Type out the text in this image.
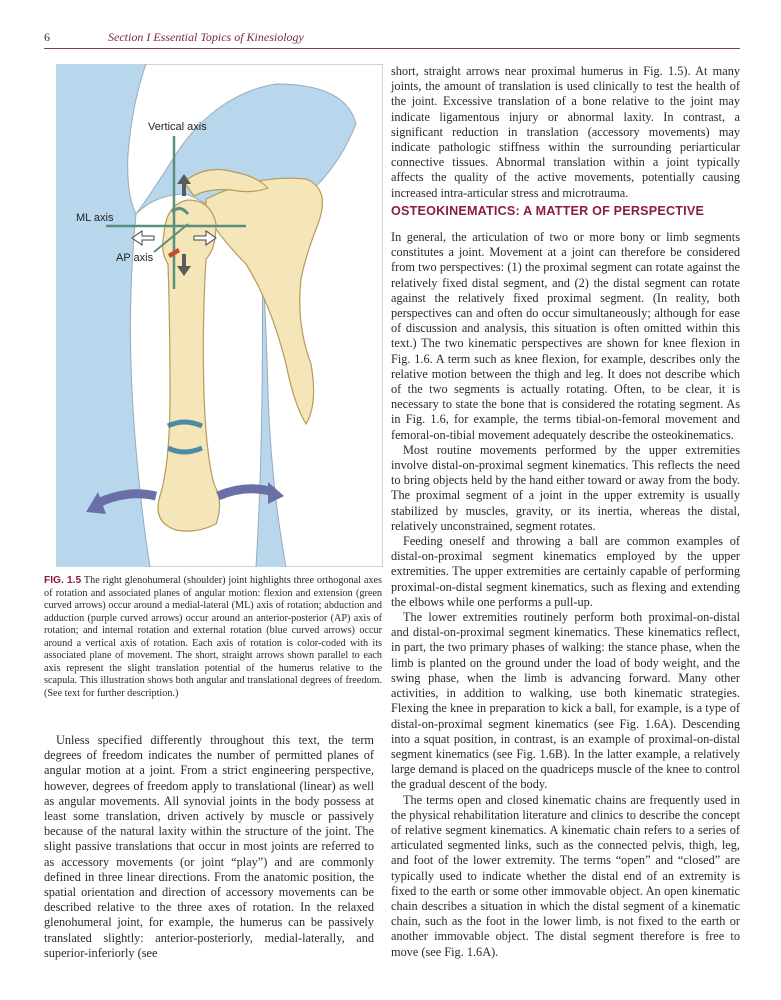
6	Section I Essential Topics of Kinesiology
Vertical axis
ML axis
AP axis
FIG. 1.5 The right glenohumeral (shoulder) joint highlights three orthogonal axes of rotation and associated planes of angular motion: flexion and extension (green curved arrows) occur around a medial-lateral (ML) axis of rotation; abduction and adduction (purple curved arrows) occur around an anterior-posterior (AP) axis of rotation; and internal rotation and external rotation (blue curved arrows) occur around a vertical axis of rotation. Each axis of rotation is color-coded with its associated plane of movement. The short, straight arrows shown parallel to each axis represent the slight translation potential of the humerus relative to the scapula. This illustration shows both angular and translational degrees of freedom. (See text for further description.)

Unless specified differently throughout this text, the term degrees of freedom indicates the number of permitted planes of angular motion at a joint. From a strict engineering perspective, however, degrees of freedom apply to translational (linear) as well as angular movements. All synovial joints in the body possess at least some translation, driven actively by muscle or passively because of the natural laxity within the structure of the joint. The slight passive translations that occur in most joints are referred to as accessory movements (or joint “play”) and are commonly defined in three linear directions. From the anatomic position, the spatial orientation and direction of accessory movements can be described relative to the three axes of rotation. In the relaxed glenohumeral joint, for example, the humerus can be passively translated slightly: anterior-posteriorly, medial-laterally, and superior-inferiorly (see

short, straight arrows near proximal humerus in Fig. 1.5). At many joints, the amount of translation is used clinically to test the health of the joint. Excessive translation of a bone relative to the joint may indicate ligamentous injury or abnormal laxity. In contrast, a significant reduction in translation (accessory movements) may indicate pathologic stiffness within the surrounding periarticular connective tissues. Abnormal translation within a joint typically affects the quality of the active movements, potentially causing increased intra-articular stress and microtrauma.

OSTEOKINEMATICS: A MATTER OF PERSPECTIVE

In general, the articulation of two or more bony or limb segments constitutes a joint. Movement at a joint can therefore be considered from two perspectives: (1) the proximal segment can rotate against the relatively fixed distal segment, and (2) the distal segment can rotate against the relatively fixed proximal segment. (In reality, both perspectives can and often do occur simultaneously; although for ease of discussion and analysis, this situation is often omitted within this text.) The two kinematic perspectives are shown for knee flexion in Fig. 1.6. A term such as knee flexion, for example, describes only the relative motion between the thigh and leg. It does not describe which of the two segments is actually rotating. Often, to be clear, it is necessary to state the bone that is considered the rotating segment. As in Fig. 1.6, for example, the terms tibial-on-femoral movement and femoral-on-tibial movement adequately describe the osteokinematics.

Most routine movements performed by the upper extremities involve distal-on-proximal segment kinematics. This reflects the need to bring objects held by the hand either toward or away from the body. The proximal segment of a joint in the upper extremity is usually stabilized by muscles, gravity, or its inertia, whereas the distal, relatively unconstrained, segment rotates.

Feeding oneself and throwing a ball are common examples of distal-on-proximal segment kinematics employed by the upper extremities. The upper extremities are certainly capable of performing proximal-on-distal segment kinematics, such as flexing and extending the elbows while one performs a pull-up.

The lower extremities routinely perform both proximal-on-distal and distal-on-proximal segment kinematics. These kinematics reflect, in part, the two primary phases of walking: the stance phase, when the limb is planted on the ground under the load of body weight, and the swing phase, when the limb is advancing forward. Many other activities, in addition to walking, use both kinematic strategies. Flexing the knee in preparation to kick a ball, for example, is a type of distal-on-proximal segment kinematics (see Fig. 1.6A). Descending into a squat position, in contrast, is an example of proximal-on-distal segment kinematics (see Fig. 1.6B). In the latter example, a relatively large demand is placed on the quadriceps muscle of the knee to control the gradual descent of the body.

The terms open and closed kinematic chains are frequently used in the physical rehabilitation literature and clinics to describe the concept of relative segment kinematics. A kinematic chain refers to a series of articulated segmented links, such as the connected pelvis, thigh, leg, and foot of the lower extremity. The terms “open” and “closed” are typically used to indicate whether the distal end of an extremity is fixed to the earth or some other immovable object. An open kinematic chain describes a situation in which the distal segment of a kinematic chain, such as the foot in the lower limb, is not fixed to the earth or another immovable object. The distal segment therefore is free to move (see Fig. 1.6A).
